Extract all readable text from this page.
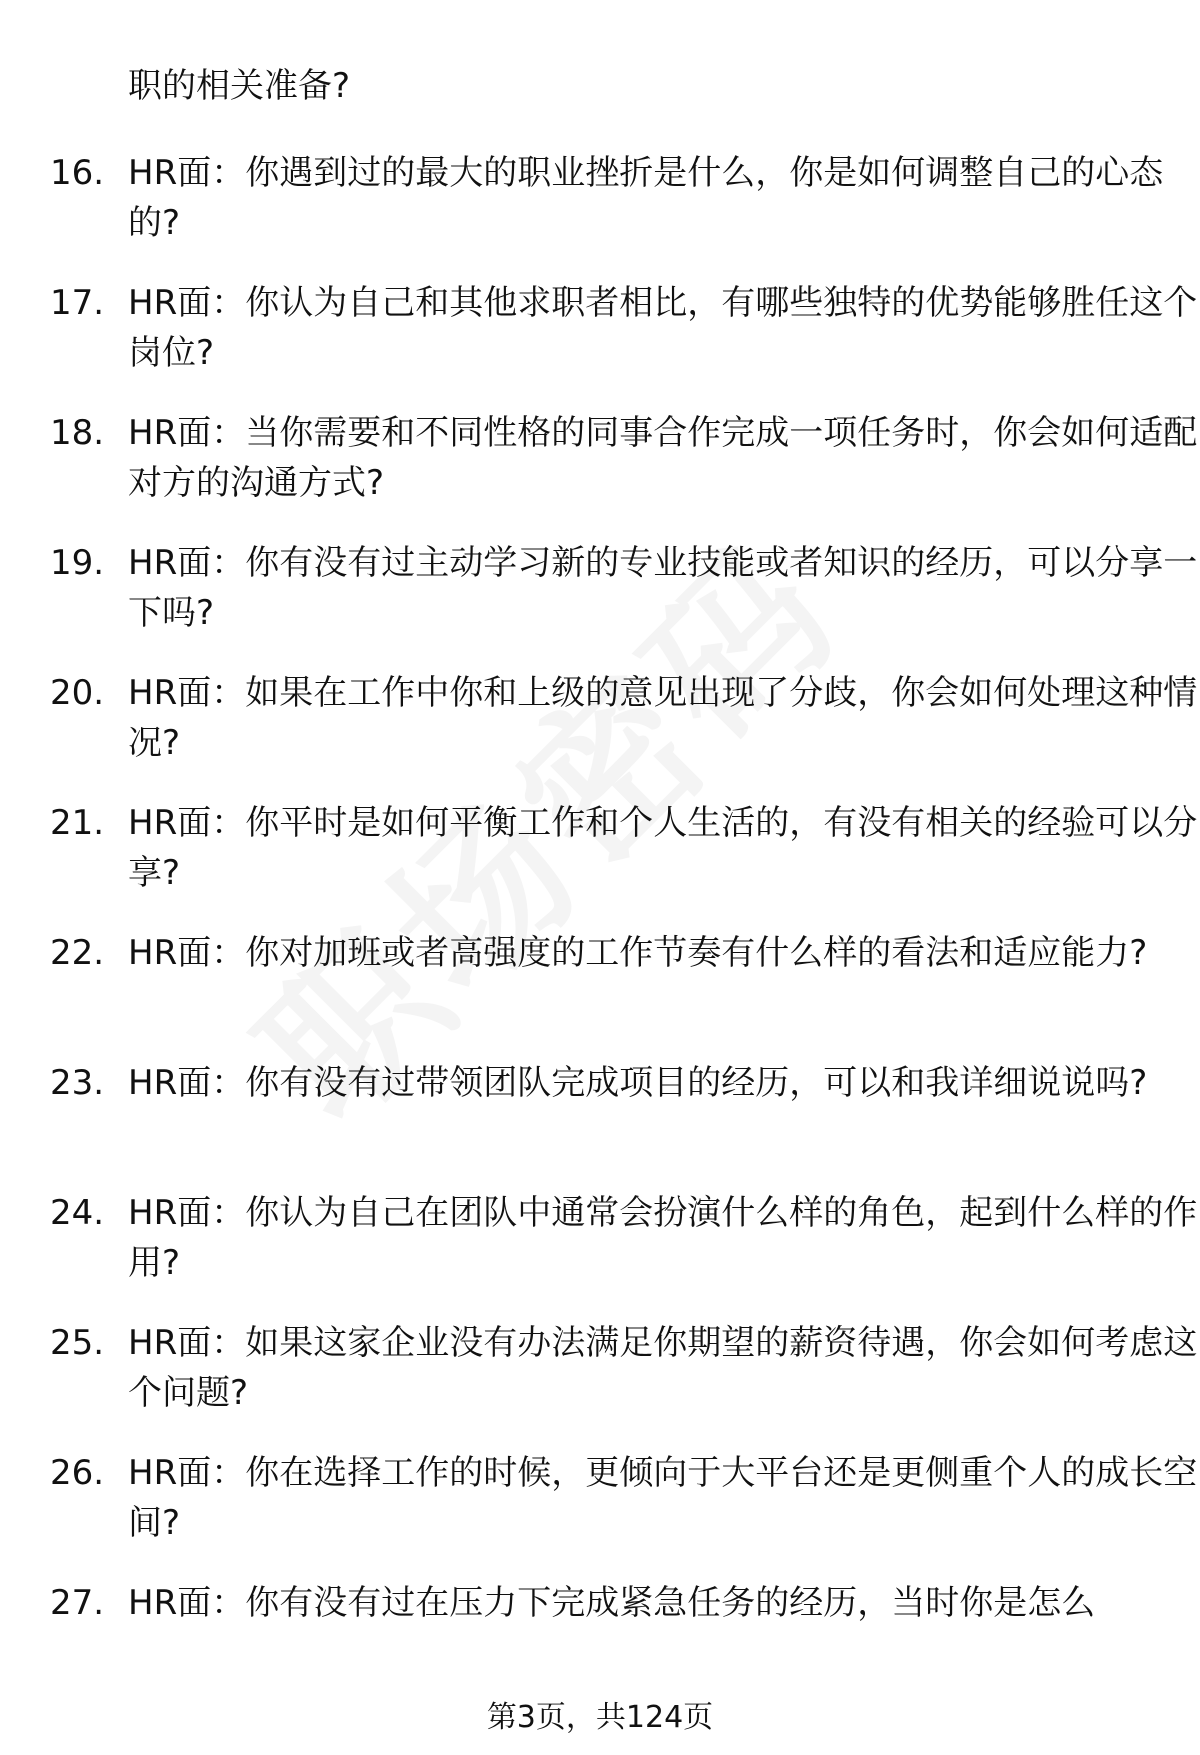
职的相关准备?
16. HR面：你遇到过的最大的职业挫折是什么，你是如何调整自己的心态的?
17. HR面：你认为自己和其他求职者相比，有哪些独特的优势能够胜任这个岗位?
18. HR面：当你需要和不同性格的同事合作完成一项任务时，你会如何适配对方的沟通方式?
19. HR面：你有没有过主动学习新的专业技能或者知识的经历，可以分享一下吗?
20. HR面：如果在工作中你和上级的意见出现了分歧，你会如何处理这种情况?
21. HR面：你平时是如何平衡工作和个人生活的，有没有相关的经验可以分享?
22. HR面：你对加班或者高强度的工作节奏有什么样的看法和适应能力?
23. HR面：你有没有过带领团队完成项目的经历，可以和我详细说说吗?
24. HR面：你认为自己在团队中通常会扮演什么样的角色，起到什么样的作用?
25. HR面：如果这家企业没有办法满足你期望的薪资待遇，你会如何考虑这个问题?
26. HR面：你在选择工作的时候，更倾向于大平台还是更侧重个人的成长空间?
27. HR面：你有没有过在压力下完成紧急任务的经历，当时你是怎么
第3页，共124页
